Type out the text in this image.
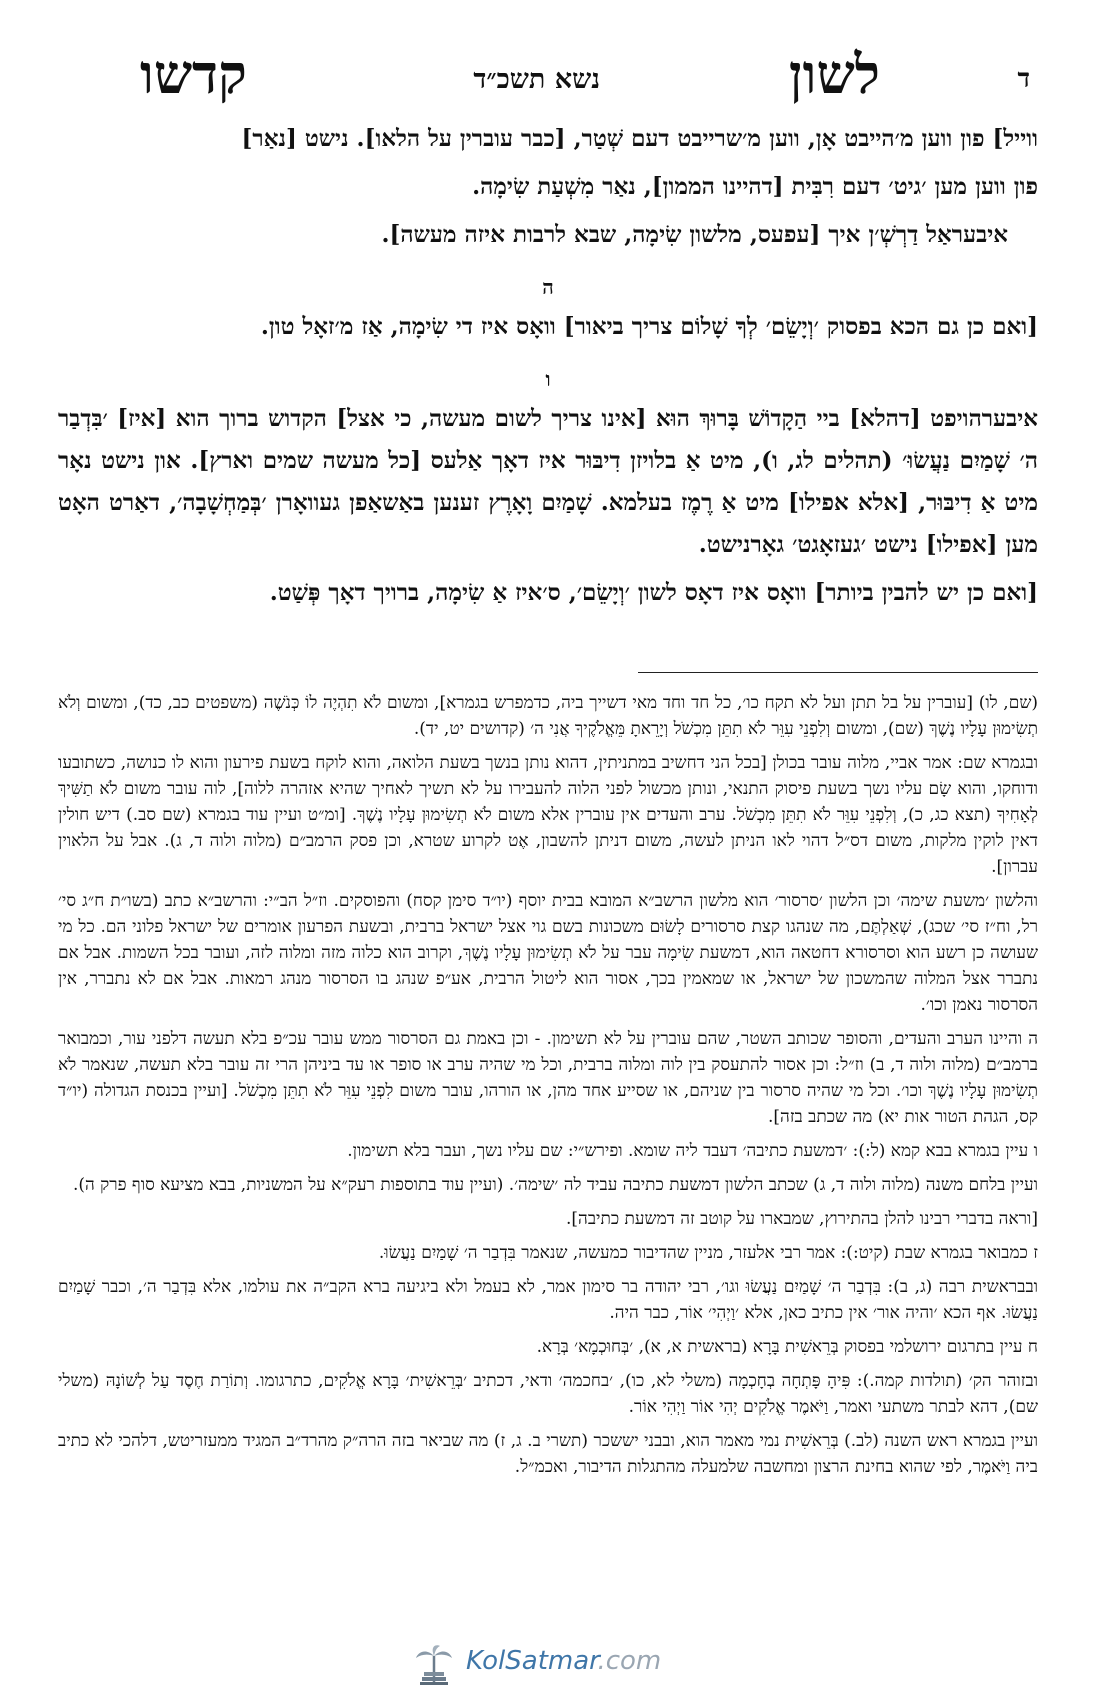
ד
לשון
נשא תשכ״ד
קדשו

ווייל] פון ווען מ׳הייבט אָן, ווען מ׳שרייבט דעם שְׁטַר, [כבר עוברין על הלאו]. נישט [נאַר]

פון ווען מען ׳גיט׳ דעם רִבִּית [דהיינו הממון], נאַר מִשְׁעַת שִׂימָה.

איבעראַל דַרְשְׁ׳ן איך [עפעס, מלשון שִׂימָה, שבא לרבות איזה מעשה].

ה

[ואם כן גם הכא בפסוק ׳וְיָשֵׂם׳ לְךָ שָׁלוֹם צריך ביאור] וואָס איז די שִׂימָה, אַז מ׳זאָל טון.

ו

איבערהויפט [דהלא] ביי הַקָדוֹשׁ בָּרוּךְ הוּא [אינו צריך לשום מעשה, כי אצל] הקדוש ברוך הוא [איז] ׳בִּדְבַר ה׳ שָׁמַיִם נַעֲשׂוּ׳ (תהלים לג, ו), מיט אַ בלויזן דִיבּוּר איז דאָך אַלעס [כל מעשה שמים וארץ]. און נישט נאָר מיט אַ דִיבּוּר, [אלא אפילו] מיט אַ רֶמֶז בעלמא. שָׁמַיִם וָאָרֶץ זענען באַשאַפן געוואָרן ׳בְּמַחְשָׁבָה׳, דאַרט האָט מען [אפילו] נישט ׳געזאָגט׳ גאָרנישט.

[ואם כן יש להבין ביותר] וואָס איז דאָס לשון ׳וְיָשֵׂם׳, ס׳איז אַ שִׂימָה, ברויך דאָך פְּשַׁט.

(שם, לו) [עוברין על בל תתן ועל לא תקח כו׳, כל חד וחד מאי דשייך ביה, כדמפרש בגמרא], ומשום לֹא תִהְיֶה לוֹ כְּנֹשֶׁה (משפטים כב, כד), ומשום וְלֹא תְשִׂימוּן עָלָיו נֶשֶׁךְ (שם), ומשום וְלִפְנֵי עִוֵּר לֹא תִתֵּן מִכְשֹׁל וְיָרֵאתָ מֵּאֱלֹקֶיךָ אֲנִי ה׳ (קדושים יט, יד).

ובגמרא שם: אמר אביי, מלוה עובר בכולן [בכל הני דחשיב במתניתין, דהוא נותן בנשך בשעת הלואה, והוא לוקח בשעת פירעון והוא לו כנושה, כשתובעו ודוחקו, והוא שָׂם עליו נשך בשעת פיסוק התנאי, ונותן מכשול לפני הלוה להעבירו על לא תשיך לאחיך שהיא אזהרה ללוה], לוה עובר משום לֹא תַשִּׁיךְ לְאָחִיךָ (תצא כג, כ), וְלִפְנֵי עִוֵּר לֹא תִתֵּן מִכְשֹׁל. ערב והעדים אין עוברין אלא משום לֹא תְשִׂימוּן עָלָיו נֶשֶׁךְ. [ומ״ט ועיין עוד בגמרא (שם סב.) דיש חולין דאין לוקין מלקות, משום דס״ל דהוי לאו הניתן לעשה, משום דניתן להשבון, אֶט לקרוע שטרא, וכן פסק הרמב״ם (מלוה ולוה ד, ג). אבל על הלאוין עברון].

והלשון ׳משעת שימה׳ וכן הלשון ׳סרסור׳ הוא מלשון הרשב״א המובא בבית יוסף (יו״ד סימן קסח) והפוסקים. וז״ל הב״י: והרשב״א כתב (בשו״ת ח״ג סי׳ רל, וח״ז סי׳ שכג), שְׁאַלְתֶּם, מה שנהגו קצת סרסורים לָשׂוּם משכונות בשם גוי אצל ישראל ברבית, ובשעת הפרעון אומרים של ישראל פלוני הם. כל מי שעושה כן רשע הוא וסרסורא דחטאה הוא, דמשעת שִׂימָה עבר על לֹא תְשִׂימוּן עָלָיו נֶשֶׁךְ, וקרוב הוא כלוה מזה ומלוה לזה, ועובר בכל השמות. אבל אם נתברר אצל המלוה שהמשכון של ישראל, או שמאמין בכך, אסור הוא ליטול הרבית, אע״פ שנהג בו הסרסור מנהג רמאות. אבל אם לא נתברר, אין הסרסור נאמן וכו׳.

ה והיינו הערב והעדים, והסופר שכותב השטר, שהם עוברין על לא תשימון. - וכן באמת גם הסרסור ממש עובר עכ״פ בלא תעשה דלפני עור, וכמבואר ברמב״ם (מלוה ולוה ד, ב) וז״ל: וכן אסור להתעסק בין לוה ומלוה ברבית, וכל מי שהיה ערב או סופר או עד ביניהן הרי זה עובר בלא תעשה, שנאמר לֹא תְשִׂימוּן עָלָיו נֶשֶׁךְ וכו׳. וכל מי שהיה סרסור בין שניהם, או שסייע אחד מהן, או הורהו, עובר משום לִפְנֵי עִוֵּר לֹא תִתֵּן מִכְשֹׁל. [ועיין בכנסת הגדולה (יו״ד קס, הגהת הטור אות יא) מה שכתב בזה].

ו עיין בגמרא בבא קמא (ל:): ׳דמשעת כתיבה׳ דעבד ליה שומא. ופירש״י: שם עליו נשך, ועבר בלא תשימון.

ועיין בלחם משנה (מלוה ולוה ד, ג) שכתב הלשון דמשעת כתיבה עביד לה ׳שימה׳. (ועיין עוד בתוספות רעק״א על המשניות, בבא מציעא סוף פרק ה).

[וראה בדברי רבינו להלן בהתירוץ, שמבארו על קוטב זה דמשעת כתיבה].

ז כמבואר בגמרא שבת (קיט:): אמר רבי אלעזר, מניין שהדיבור כמעשה, שנאמר בִּדְבַר ה׳ שָׁמַיִם נַעֲשׂוּ.

ובבראשית רבה (ג, ב): בִּדְבַר ה׳ שָׁמַיִם נַעֲשׂוּ וגו׳, רבי יהודה בר סימון אמר, לא בעמל ולא ביגיעה ברא הקב״ה את עולמו, אלא בִּדְבַר ה׳, וכבר שָׁמַיִם נַעֲשׂוּ. אף הכא ׳והיה אור׳ אין כתיב כאן, אלא ׳וַיְהִי׳ אוֹר, כבר היה.

ח עיין בתרגום ירושלמי בפסוק בְּרֵאשִׁית בָּרָא (בראשית א, א), ׳בְּחוּכְמָא׳ בְּרָא.

ובזוהר הק׳ (תולדות קמה.): פִּיהָ פָּתְחָה בְחָכְמָה (משלי לא, כו), ׳בחכמה׳ ודאי, דכתיב ׳בְּרֵאשִׁית׳ בָּרָא אֱלֹקִים, כתרגומו. וְתוֹרַת חֶסֶד עַל לְשׁוֹנָהּ (משלי שם), דהא לבתר משתעי ואמר, וַיֹּאמֶר אֱלֹקִים יְהִי אוֹר וַיְהִי אוֹר.

ועיין בגמרא ראש השנה (לב.) בְּרֵאשִׁית נמי מאמר הוא, ובבני יששכר (תשרי ב. ג, ז) מה שביאר בזה הרה״ק מהרד״ב המגיד ממעזריטש, דלהכי לא כתיב ביה וַיֹּאמֶר, לפי שהוא בחינת הרצון ומחשבה שלמעלה מהתגלות הדיבור, ואכמ״ל.

KolSatmar.com
